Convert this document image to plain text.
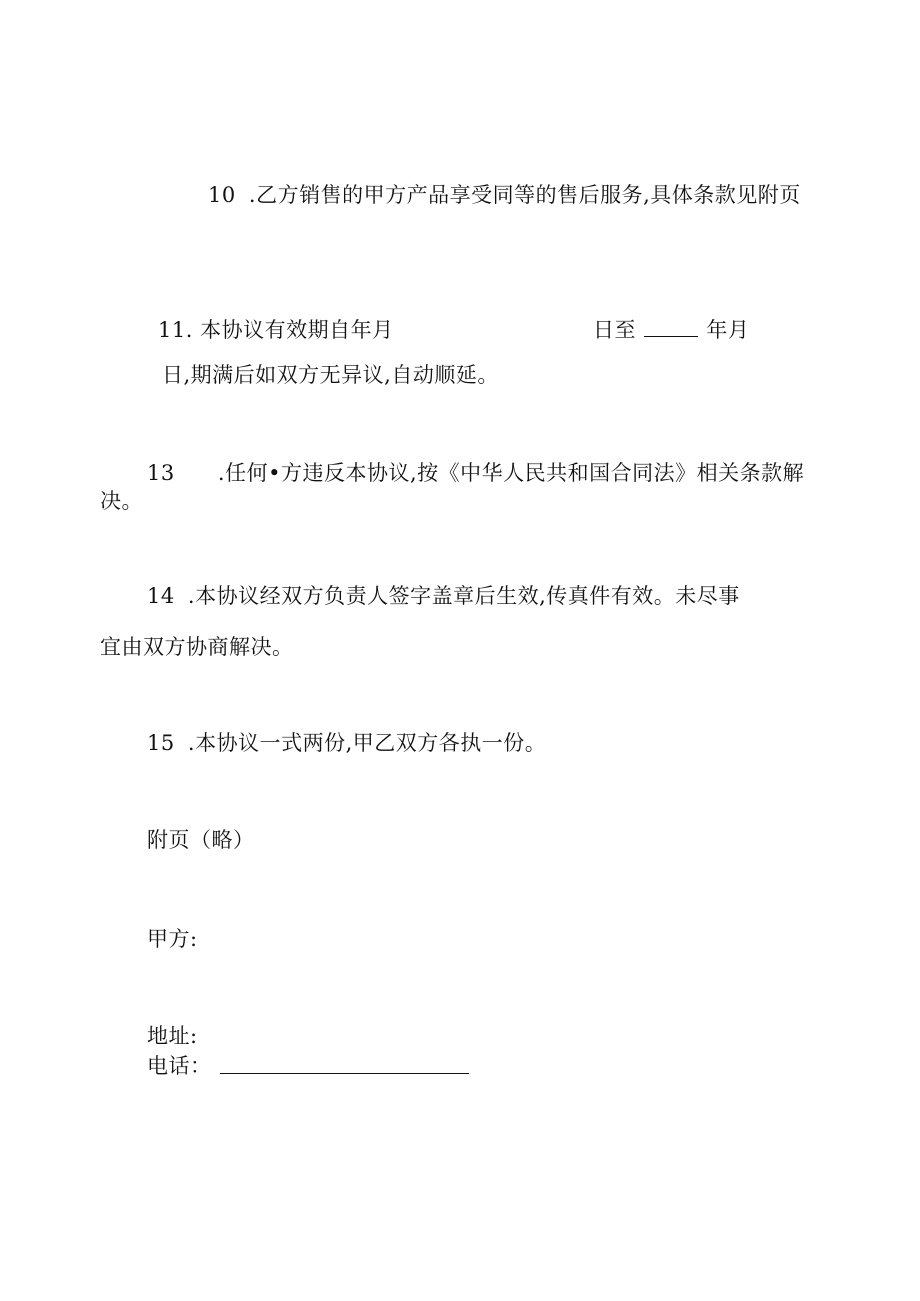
10 .乙方销售的甲方产品享受同等的售后服务,具体条款见附页
11. 本协议有效期自年月	日至	年月
日,期满后如双方无异议,自动顺延。
13 .任何•方违反本协议,按《中华人民共和国合同法》相关条款解
决。
14 .本协议经双方负责人签字盖章后生效,传真件有效。未尽事
宜由双方协商解决。
15 .本协议一式两份,甲乙双方各执一份。
附页（略）
甲方:
地址:
电话：
